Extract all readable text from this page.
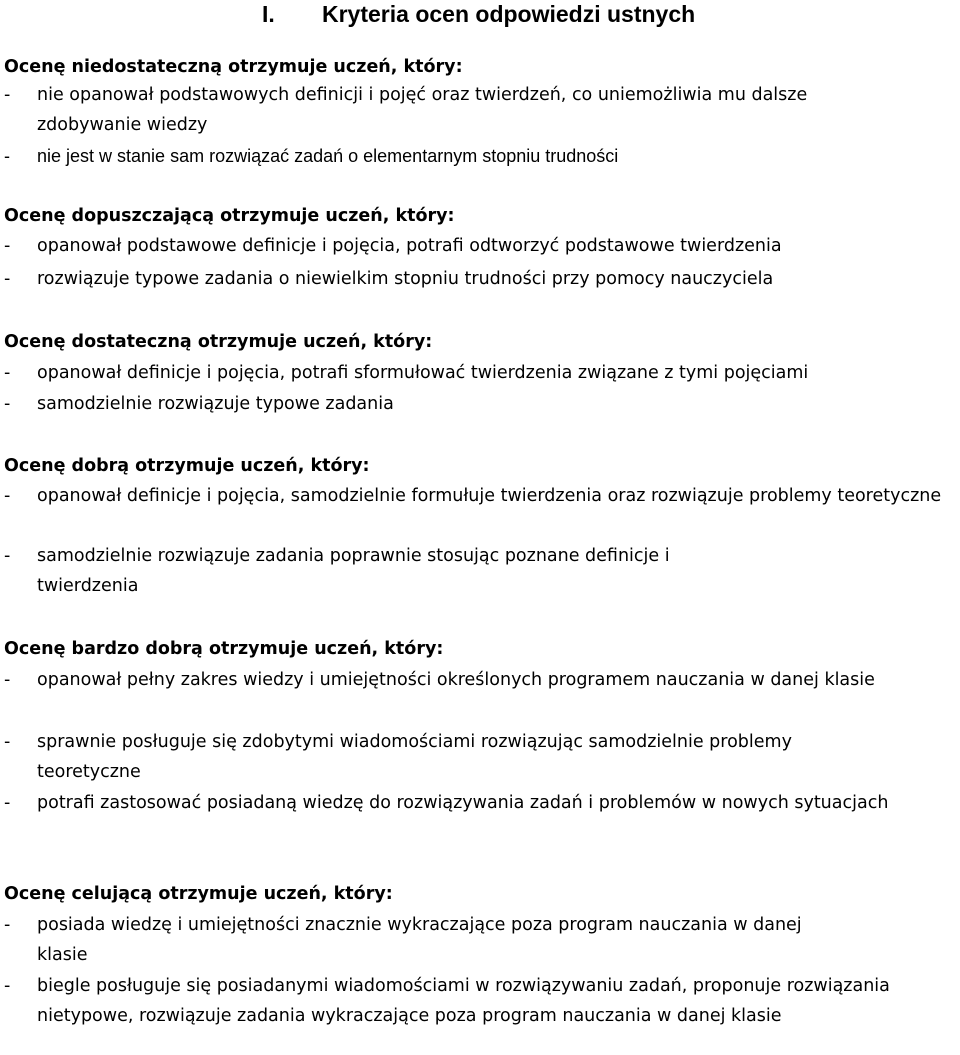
I. Kryteria ocen odpowiedzi ustnych
Ocenę niedostateczną otrzymuje uczeń, który:
- nie opanował podstawowych definicji i pojęć oraz twierdzeń, co uniemożliwia mu dalsze zdobywanie wiedzy
- nie jest w stanie sam rozwiązać zadań o elementarnym stopniu trudności
Ocenę dopuszczającą otrzymuje uczeń, który:
- opanował podstawowe definicje i pojęcia, potrafi odtworzyć podstawowe twierdzenia
- rozwiązuje typowe zadania o niewielkim stopniu trudności przy pomocy nauczyciela
Ocenę dostateczną otrzymuje uczeń, który:
- opanował definicje i pojęcia, potrafi sformułować twierdzenia związane z tymi pojęciami
- samodzielnie rozwiązuje typowe zadania
Ocenę dobrą otrzymuje uczeń, który:
- opanował definicje i pojęcia, samodzielnie formułuje twierdzenia oraz rozwiązuje problemy teoretyczne
- samodzielnie rozwiązuje zadania poprawnie stosując poznane definicje i twierdzenia
Ocenę bardzo dobrą otrzymuje uczeń, który:
- opanował pełny zakres wiedzy i umiejętności określonych programem nauczania w danej klasie
- sprawnie posługuje się zdobytymi wiadomościami rozwiązując samodzielnie problemy teoretyczne
- potrafi zastosować posiadaną wiedzę do rozwiązywania zadań i problemów w nowych sytuacjach
Ocenę celującą otrzymuje uczeń, który:
- posiada wiedzę i umiejętności znacznie wykraczające poza program nauczania w danej klasie
- biegle posługuje się posiadanymi wiadomościami w rozwiązywaniu zadań, proponuje rozwiązania nietypowe, rozwiązuje zadania wykraczające poza program nauczania w danej klasie
